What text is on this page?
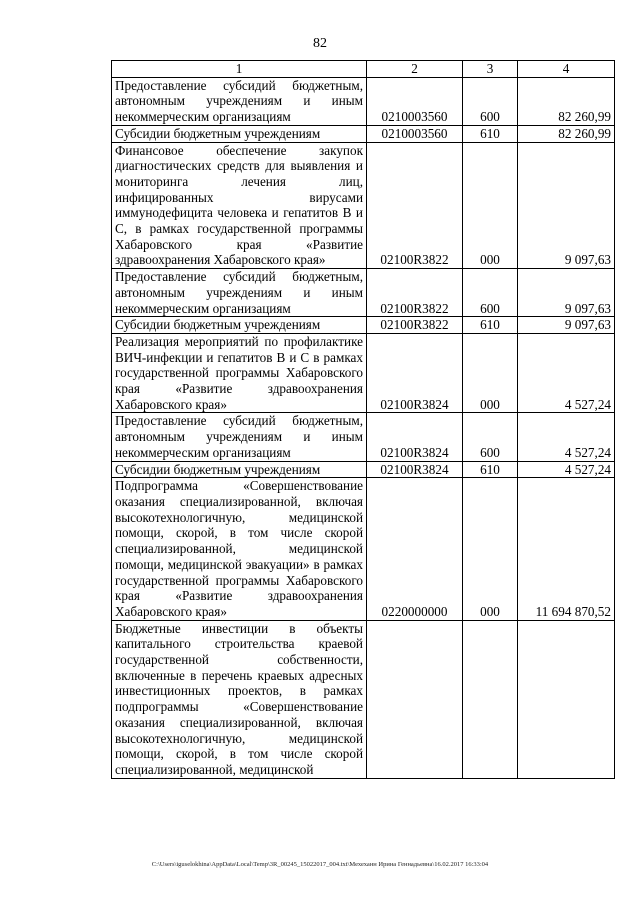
82
1	2	3	4
Предоставление субсидий бюджетным, автономным учреждениям и иным некоммерческим организациям	0210003560	600	82 260,99
Субсидии бюджетным учреждениям	0210003560	610	82 260,99
Финансовое обеспечение закупок диагностических средств для выявления и мониторинга лечения лиц, инфицированных вирусами иммунодефицита человека и гепатитов В и С, в рамках государственной программы Хабаровского края «Развитие здравоохранения Хабаровского края»	02100R3822	000	9 097,63
Предоставление субсидий бюджетным, автономным учреждениям и иным некоммерческим организациям	02100R3822	600	9 097,63
Субсидии бюджетным учреждениям	02100R3822	610	9 097,63
Реализация мероприятий по профилактике ВИЧ-инфекции и гепатитов В и С в рамках государственной программы Хабаровского края «Развитие здравоохранения Хабаровского края»	02100R3824	000	4 527,24
Предоставление субсидий бюджетным, автономным учреждениям и иным некоммерческим организациям	02100R3824	600	4 527,24
Субсидии бюджетным учреждениям	02100R3824	610	4 527,24
Подпрограмма «Совершенствование оказания специализированной, включая высокотехнологичную, медицинской помощи, скорой, в том числе скорой специализированной, медицинской помощи, медицинской эвакуации» в рамках государственной программы Хабаровского края «Развитие здравоохранения Хабаровского края»	0220000000	000	11 694 870,52
Бюджетные инвестиции в объекты капитального строительства краевой государственной собственности, включенные в перечень краевых адресных инвестиционных проектов, в рамках подпрограммы «Совершенствование оказания специализированной, включая высокотехнологичную, медицинской помощи, скорой, в том числе скорой специализированной, медицинской			
C:\Users\iguselokhina\AppData\Local\Temp\3R_00245_15022017_004.txt\Мехеханн Ирина Геннадьевна\16.02.2017 16:33:04
